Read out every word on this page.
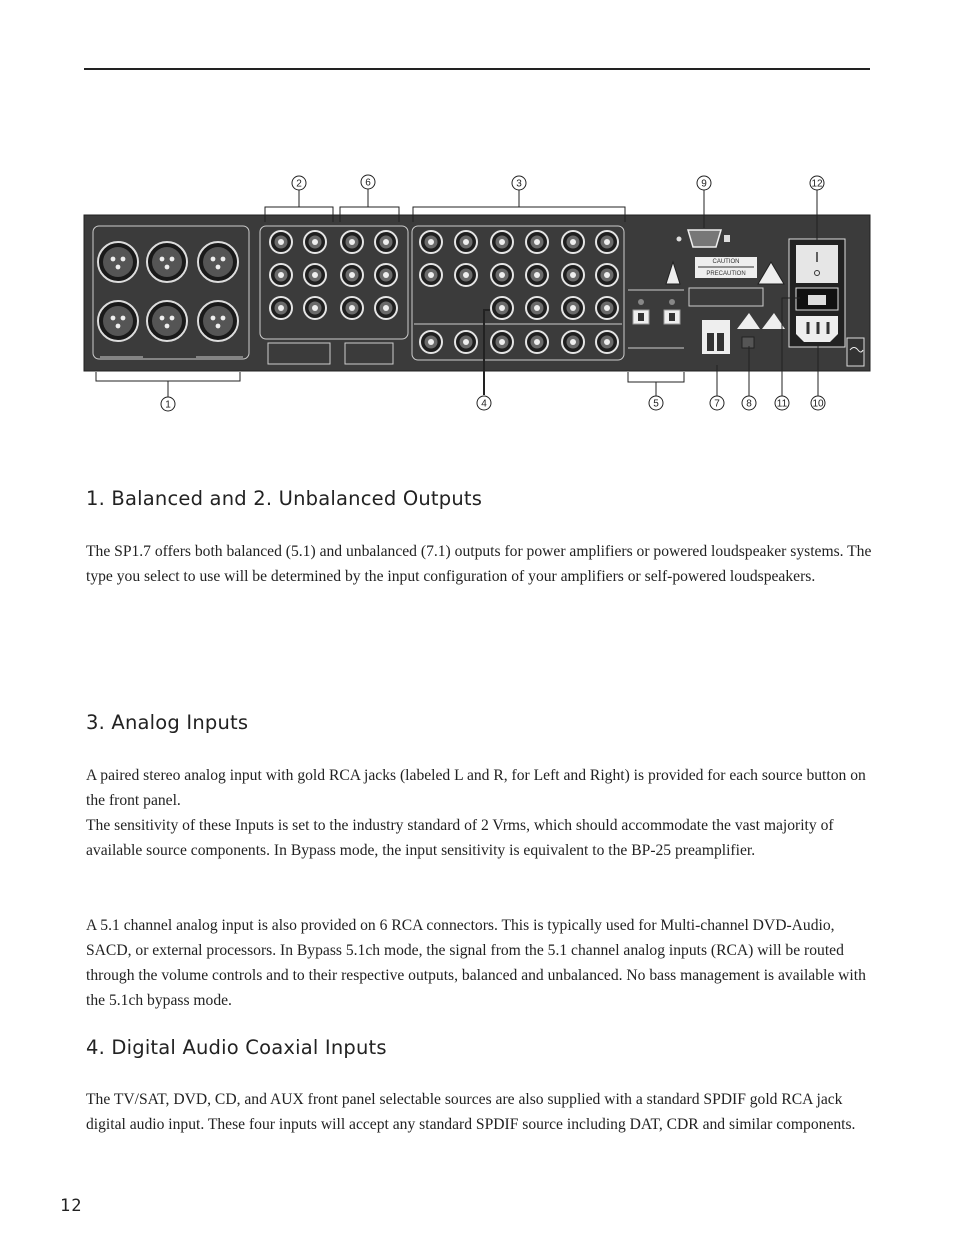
CAUTION
PRECAUTION
1
2	3
4	5
6
7	8
9
10
11
12
1. Balanced and 2. Unbalanced Outputs

The SP1.7 offers both balanced (5.1) and unbalanced (7.1) outputs for power amplifiers or powered loudspeaker systems. The type you select to use will be determined by the input configuration of your amplifiers or self-powered loudspeakers.

3. Analog Inputs

A paired stereo analog input with gold RCA jacks (labeled L and R, for Left and Right) is provided for each source button on the front panel.

The sensitivity of these Inputs is set to the industry standard of 2 Vrms, which should accommodate the vast majority of available source components. In Bypass mode, the input sensitivity is equivalent to the BP-25 preamplifier.

A 5.1 channel analog input is also provided on 6 RCA connectors. This is typically used for Multi-channel DVD-Audio, SACD, or external processors. In Bypass 5.1ch mode, the signal from the 5.1 channel analog inputs (RCA) will be routed through the volume controls and to their respective outputs, balanced and unbalanced. No bass management is available with the 5.1ch bypass mode.

4. Digital Audio Coaxial Inputs

The TV/SAT, DVD, CD, and AUX front panel selectable sources are also supplied with a standard SPDIF gold RCA jack digital audio input. These four inputs will accept any standard SPDIF source including DAT, CDR and similar components.

12
